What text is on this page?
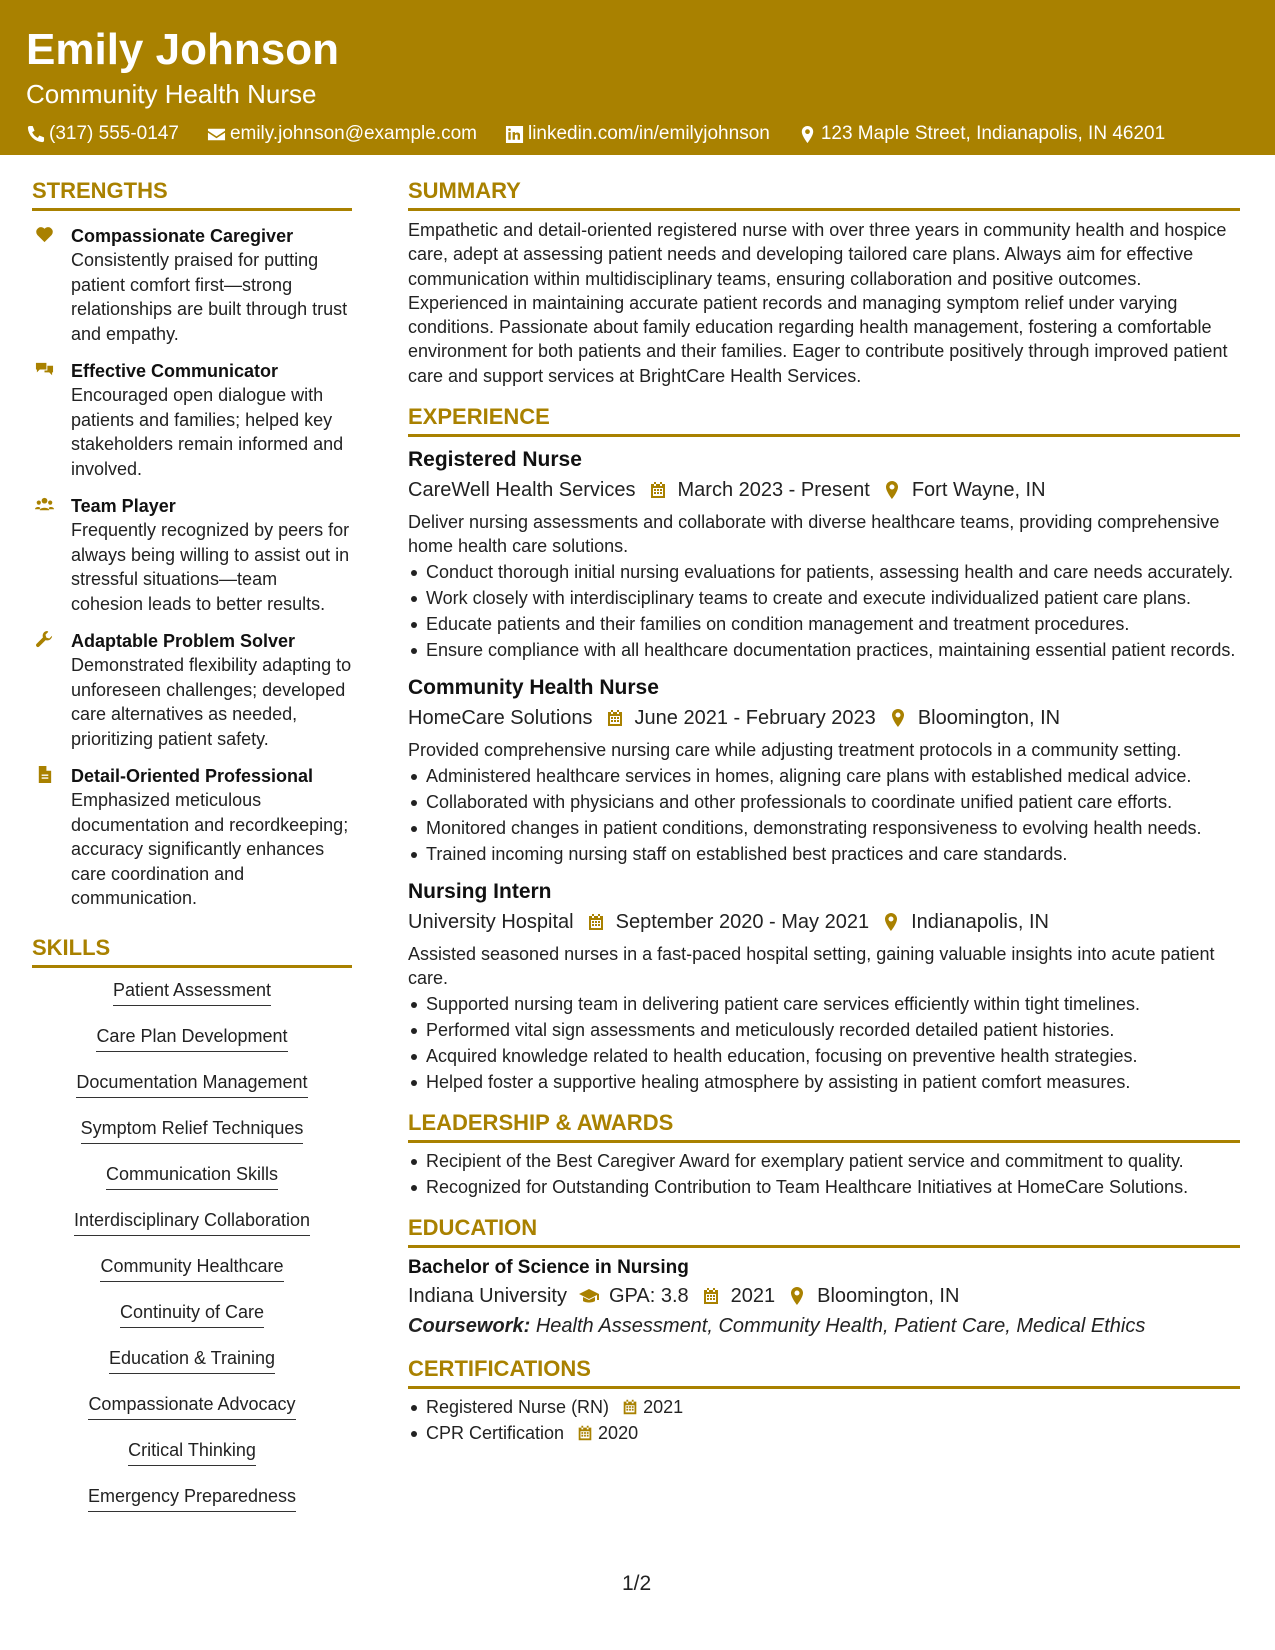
Emily Johnson
Community Health Nurse
(317) 555-0147	emily.johnson@example.com	linkedin.com/in/emilyjohnson	123 Maple Street, Indianapolis, IN 46201
STRENGTHS
Compassionate Caregiver
Consistently praised for putting patient comfort first—strong relationships are built through trust and empathy.
Effective Communicator
Encouraged open dialogue with patients and families; helped key stakeholders remain informed and involved.
Team Player
Frequently recognized by peers for always being willing to assist out in stressful situations—team cohesion leads to better results.
Adaptable Problem Solver
Demonstrated flexibility adapting to unforeseen challenges; developed care alternatives as needed, prioritizing patient safety.
Detail-Oriented Professional
Emphasized meticulous documentation and recordkeeping; accuracy significantly enhances care coordination and communication.
SKILLS
Patient Assessment
Care Plan Development
Documentation Management
Symptom Relief Techniques
Communication Skills
Interdisciplinary Collaboration
Community Healthcare
Continuity of Care
Education & Training
Compassionate Advocacy
Critical Thinking
Emergency Preparedness
SUMMARY
Empathetic and detail-oriented registered nurse with over three years in community health and hospice care, adept at assessing patient needs and developing tailored care plans. Always aim for effective communication within multidisciplinary teams, ensuring collaboration and positive outcomes. Experienced in maintaining accurate patient records and managing symptom relief under varying conditions. Passionate about family education regarding health management, fostering a comfortable environment for both patients and their families. Eager to contribute positively through improved patient care and support services at BrightCare Health Services.
EXPERIENCE
Registered Nurse
CareWell Health Services March 2023 - Present Fort Wayne, IN
Deliver nursing assessments and collaborate with diverse healthcare teams, providing comprehensive home health care solutions.
Conduct thorough initial nursing evaluations for patients, assessing health and care needs accurately.
Work closely with interdisciplinary teams to create and execute individualized patient care plans.
Educate patients and their families on condition management and treatment procedures.
Ensure compliance with all healthcare documentation practices, maintaining essential patient records.
Community Health Nurse
HomeCare Solutions June 2021 - February 2023 Bloomington, IN
Provided comprehensive nursing care while adjusting treatment protocols in a community setting.
Administered healthcare services in homes, aligning care plans with established medical advice.
Collaborated with physicians and other professionals to coordinate unified patient care efforts.
Monitored changes in patient conditions, demonstrating responsiveness to evolving health needs.
Trained incoming nursing staff on established best practices and care standards.
Nursing Intern
University Hospital September 2020 - May 2021 Indianapolis, IN
Assisted seasoned nurses in a fast-paced hospital setting, gaining valuable insights into acute patient care.
Supported nursing team in delivering patient care services efficiently within tight timelines.
Performed vital sign assessments and meticulously recorded detailed patient histories.
Acquired knowledge related to health education, focusing on preventive health strategies.
Helped foster a supportive healing atmosphere by assisting in patient comfort measures.
LEADERSHIP & AWARDS
Recipient of the Best Caregiver Award for exemplary patient service and commitment to quality.
Recognized for Outstanding Contribution to Team Healthcare Initiatives at HomeCare Solutions.
EDUCATION
Bachelor of Science in Nursing
Indiana University GPA: 3.8 2021 Bloomington, IN
Coursework: Health Assessment, Community Health, Patient Care, Medical Ethics
CERTIFICATIONS
Registered Nurse (RN) 2021
CPR Certification 2020
1/2
